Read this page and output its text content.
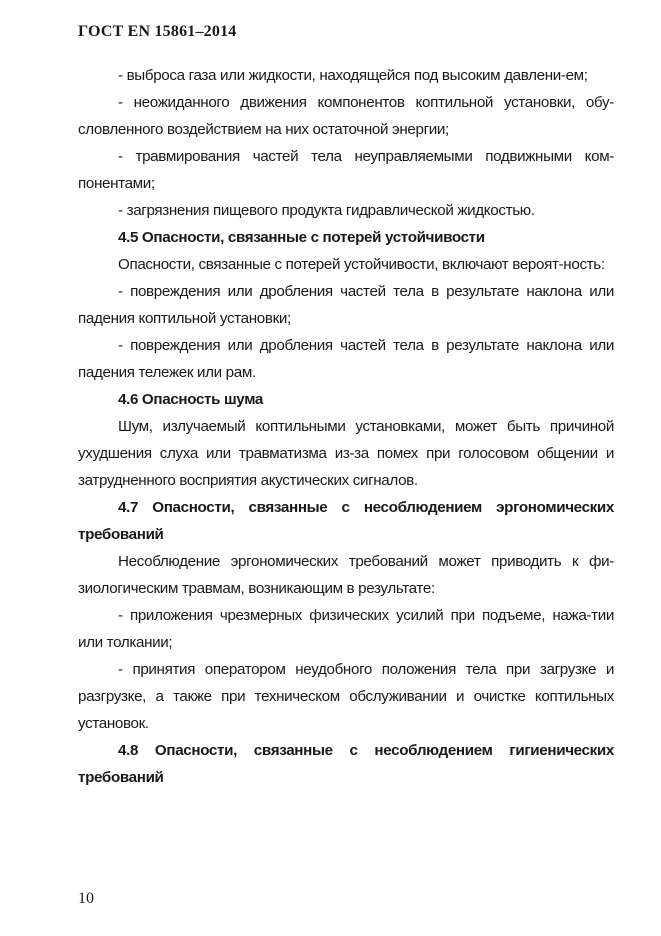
ГОСТ EN 15861–2014

- выброса газа или жидкости, находящейся под высоким давлени-ем;

- неожиданного движения компонентов коптильной установки, обу-словленного воздействием на них остаточной энергии;

- травмирования частей тела неуправляемыми подвижными ком-понентами;

- загрязнения пищевого продукта гидравлической жидкостью.

4.5 Опасности, связанные с потерей устойчивости

Опасности, связанные с потерей устойчивости, включают вероят-ность:

- повреждения или дробления частей тела в результате наклона или падения коптильной установки;

- повреждения или дробления частей тела в результате наклона или падения тележек или рам.

4.6 Опасность шума

Шум, излучаемый коптильными установками, может быть причиной ухудшения слуха или травматизма из-за помех при голосовом общении и затрудненного восприятия акустических сигналов.

4.7 Опасности, связанные с несоблюдением эргономических требований

Несоблюдение эргономических требований может приводить к фи-зиологическим травмам, возникающим в результате:

- приложения чрезмерных физических усилий при подъеме, нажа-тии или толкании;

- принятия оператором неудобного положения тела при загрузке и разгрузке, а также при техническом обслуживании и очистке коптильных установок.

4.8 Опасности, связанные с несоблюдением гигиенических требований

10
